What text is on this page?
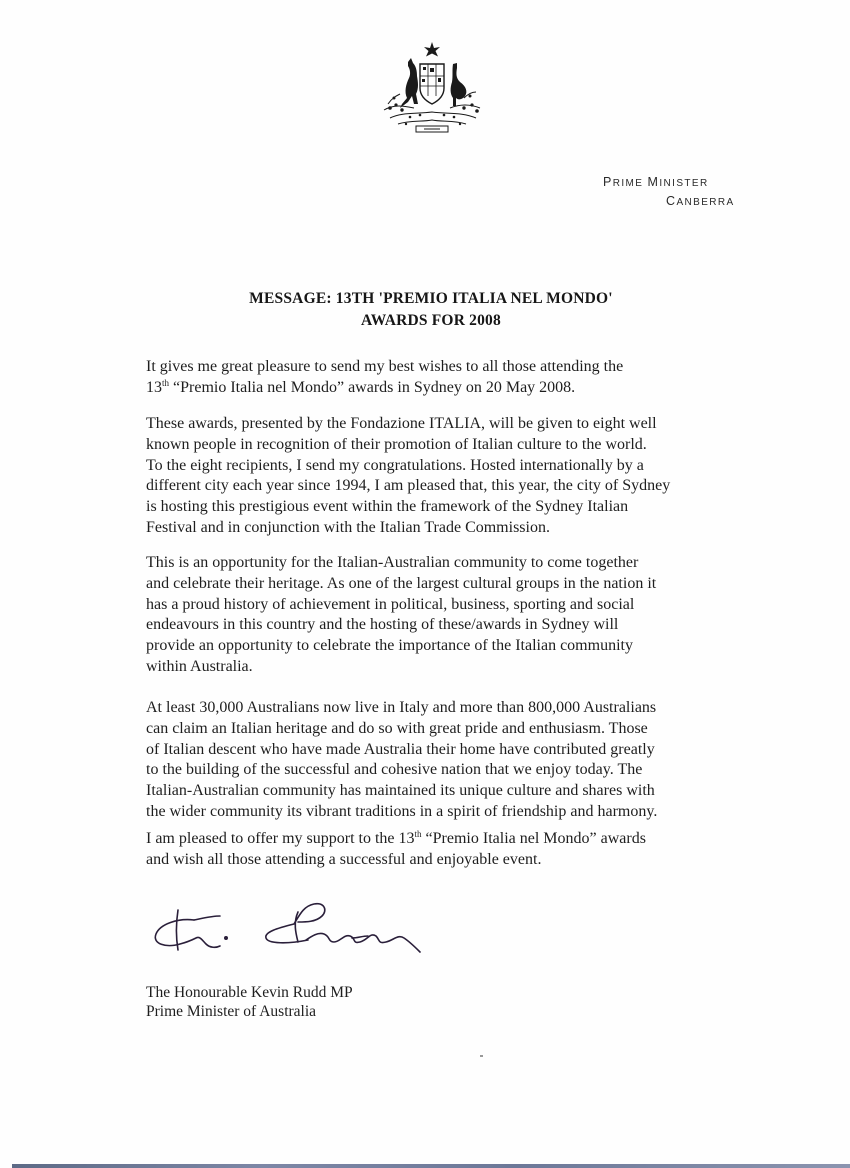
PRIME MINISTER
CANBERRA
MESSAGE: 13TH 'PREMIO ITALIA NEL MONDO'
AWARDS FOR 2008
It gives me great pleasure to send my best wishes to all those attending the
13th “Premio Italia nel Mondo” awards in Sydney on 20 May 2008.
These awards, presented by the Fondazione ITALIA, will be given to eight well
known people in recognition of their promotion of Italian culture to the world.
To the eight recipients, I send my congratulations. Hosted internationally by a
different city each year since 1994, I am pleased that, this year, the city of Sydney
is hosting this prestigious event within the framework of the Sydney Italian
Festival and in conjunction with the Italian Trade Commission.
This is an opportunity for the Italian-Australian community to come together
and celebrate their heritage. As one of the largest cultural groups in the nation it
has a proud history of achievement in political, business, sporting and social
endeavours in this country and the hosting of these/awards in Sydney will
provide an opportunity to celebrate the importance of the Italian community
within Australia.
At least 30,000 Australians now live in Italy and more than 800,000 Australians
can claim an Italian heritage and do so with great pride and enthusiasm. Those
of Italian descent who have made Australia their home have contributed greatly
to the building of the successful and cohesive nation that we enjoy today. The
Italian-Australian community has maintained its unique culture and shares with
the wider community its vibrant traditions in a spirit of friendship and harmony.
I am pleased to offer my support to the 13th “Premio Italia nel Mondo” awards
and wish all those attending a successful and enjoyable event.
The Honourable Kevin Rudd MP
Prime Minister of Australia
